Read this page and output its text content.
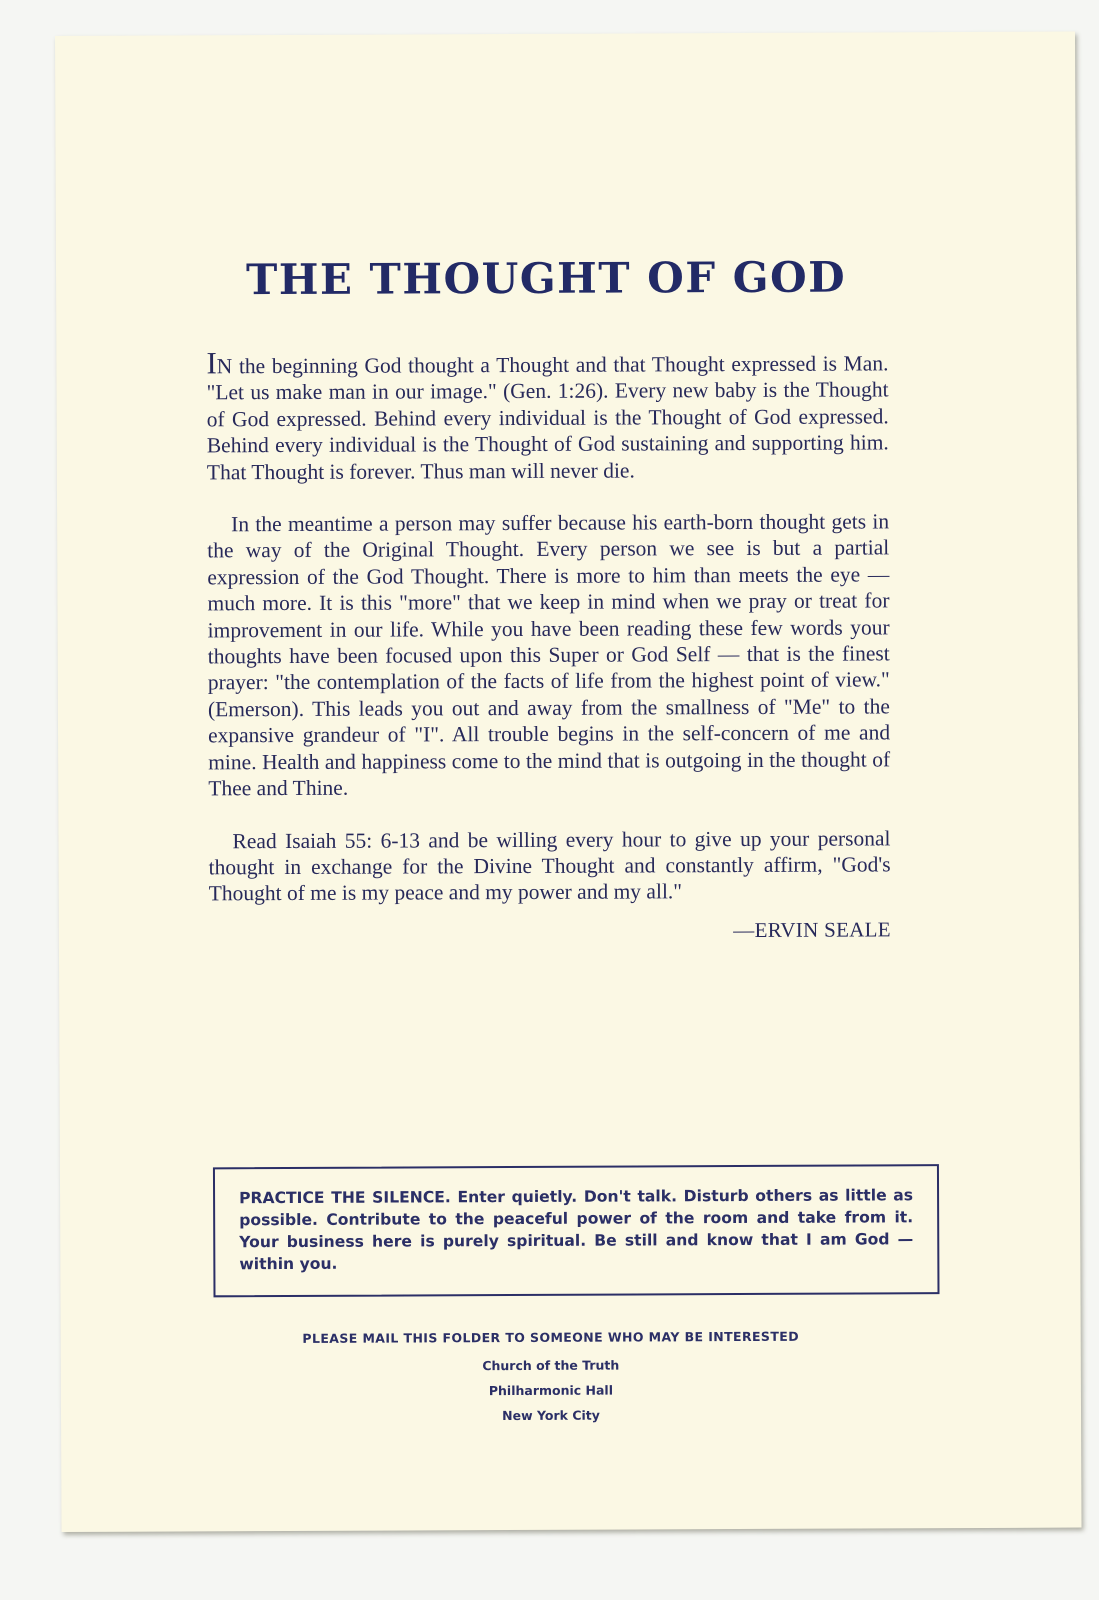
THE THOUGHT OF GOD

IN the beginning God thought a Thought and that Thought expressed is Man. "Let us make man in our image." (Gen. 1:26). Every new baby is the Thought of God expressed. Behind every individual is the Thought of God expressed. Behind every individual is the Thought of God sustaining and supporting him. That Thought is forever. Thus man will never die.

In the meantime a person may suffer because his earth-born thought gets in the way of the Original Thought. Every person we see is but a partial expression of the God Thought. There is more to him than meets the eye — much more. It is this "more" that we keep in mind when we pray or treat for improvement in our life. While you have been reading these few words your thoughts have been focused upon this Super or God Self — that is the finest prayer: "the contemplation of the facts of life from the highest point of view." (Emerson). This leads you out and away from the smallness of "Me" to the expansive grandeur of "I". All trouble begins in the self-concern of me and mine. Health and happiness come to the mind that is outgoing in the thought of Thee and Thine.

Read Isaiah 55: 6-13 and be willing every hour to give up your personal thought in exchange for the Divine Thought and constantly affirm, "God's Thought of me is my peace and my power and my all."

—ERVIN SEALE
PRACTICE THE SILENCE. Enter quietly. Don't talk. Disturb others as little as possible. Contribute to the peaceful power of the room and take from it. Your business here is purely spiritual. Be still and know that I am God — within you.

PLEASE MAIL THIS FOLDER TO SOMEONE WHO MAY BE INTERESTED

Church of the Truth

Philharmonic Hall

New York City
